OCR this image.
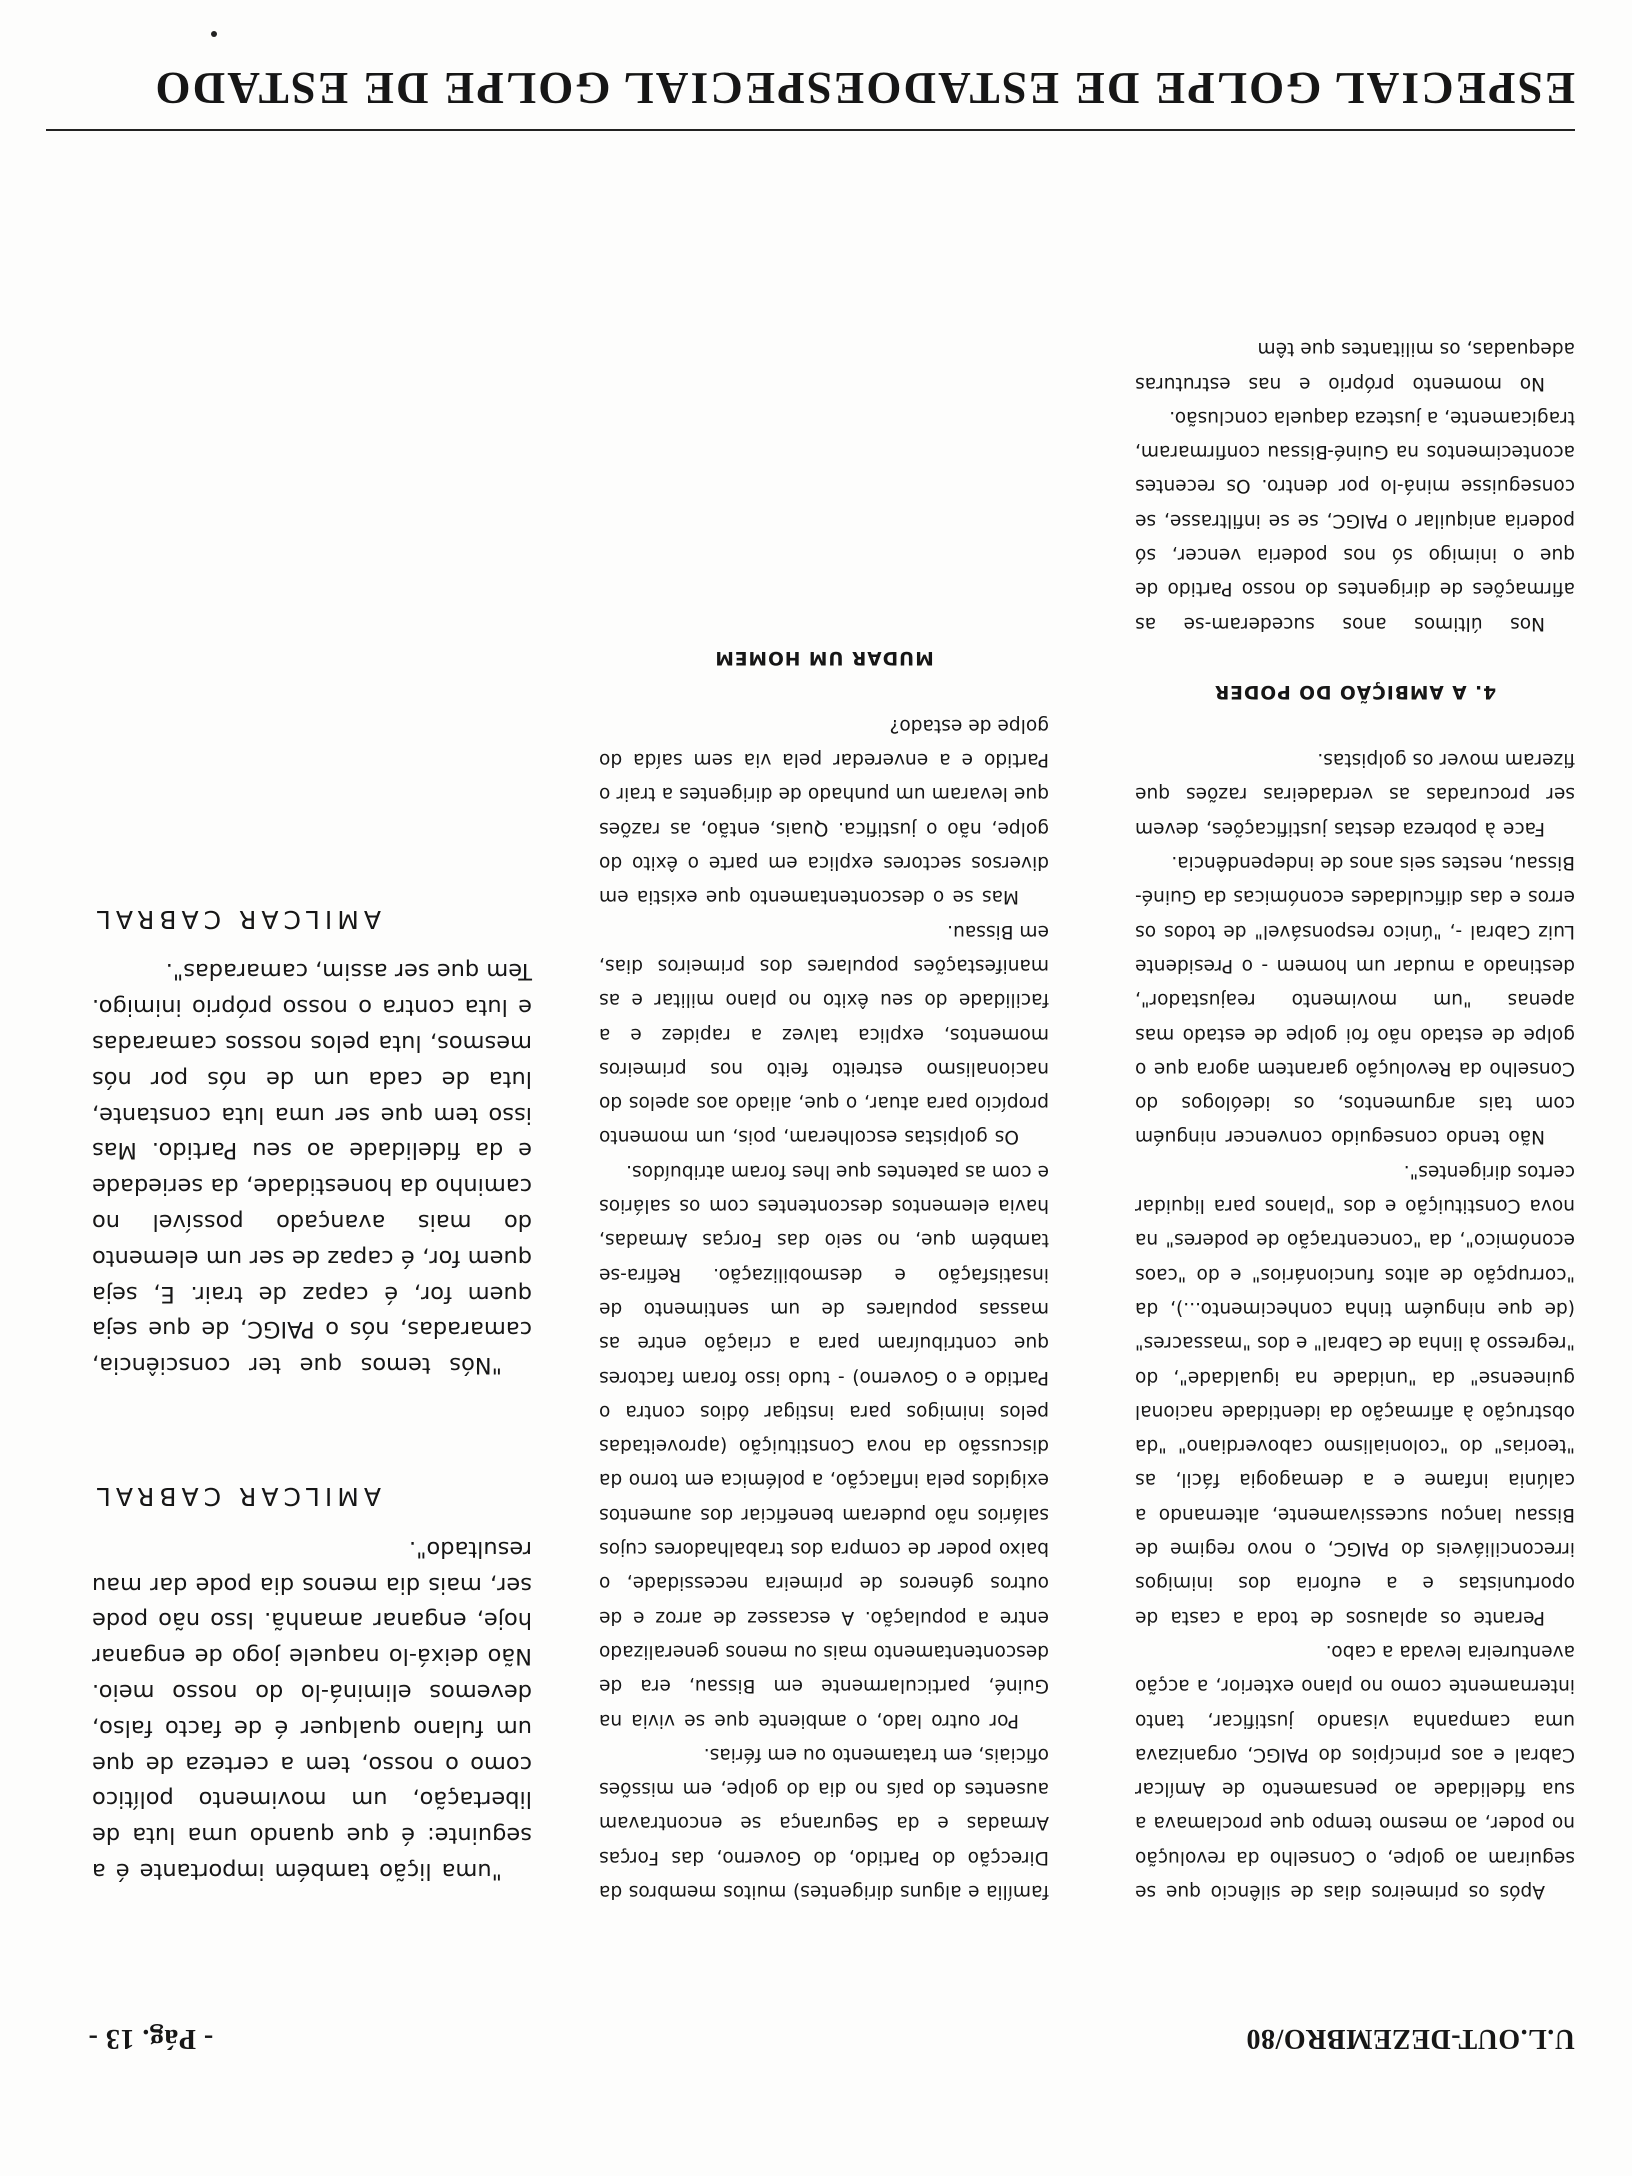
U.L.OUT-DEZEMBRO/80
- Pág. 13 -

Após os primeiros dias de silêncio que se seguiram ao golpe, o Conselho da revolução no poder, ao mesmo tempo que proclamava a sua fidelidade ao pensamento de Amílcar Cabral e aos princípios do PAIGC, organizava uma campanha visando justificar, tanto internamente como no plano exterior, a acção aventureira levada a cabo.

Perante os aplausos de toda a casta de oportunistas e a euforia dos inimigos irreconciliáveis do PAIGC, o novo regime de Bissau lançou sucessivamente, alternando a calúnia infame e a demagogia fácil, as "teorias" do "colonialismo caboverdiano" "da obstrução à afirmação da identidade nacional guineense" da "unidade na igualdade", do "regresso à linha de Cabral" e dos "massacres" (de que ninguém tinha conhecimento...), da "corrupção de altos funcionários" e do "caos económico", da "concentração de poderes" na nova Constituição e dos "planos para liquidar certos dirigentes".

Não tendo conseguido convencer ninguém com tais argumentos, os ideólogos do Conselho da Revolução garantem agora que o golpe de estado não foi golpe de estado mas apenas "um movimento reajustador", destinado a mudar um homem - o Presidente Luiz Cabral -, "único responsável" de todos os erros e das dificuldades económicas da Guiné-Bissau, nestes seis anos de independência.

Face à pobreza destas justificações, devem ser procuradas as verdadeiras razões que fizeram mover os golpistas.

4. A AMBIÇÃO DO PODER

Nos últimos anos sucederam-se as afirmações de dirigentes do nosso Partido de que o inimigo só nos poderia vencer, só poderia aniquilar o PAIGC, se se infiltrasse, se conseguisse miná-lo por dentro. Os recentes acontecimentos na Guiné-Bissau confirmaram, tragicamente, a justeza daquela conclusão.

No momento próprio e nas estruturas adequadas, os militantes que têm

família e alguns dirigentes) muitos membros da Direcção do Partido, do Governo, das Forças Armadas e da Segurança se encontravam ausentes do país no dia do golpe, em missões oficiais, em tratamento ou em férias.

Por outro lado, o ambiente que se vivia na Guiné, particularmente em Bissau, era de descontentamento mais ou menos generalizado entre a população. A escassez de arroz e de outros géneros de primeira necessidade, o baixo poder de compra dos trabalhadores cujos salários não puderam beneficiar dos aumentos exigidos pela inflacção, a polémica em torno da discussão da nova Constituição (aproveitadas pelos inimigos para instigar ódios contra o Partido e o Governo) - tudo isso foram factores que contribuíram para a criação entre as massas populares de um sentimento de insatisfação e desmobilização. Refira-se também que, no seio das Forças Armadas, havia elementos descontentes com os salários e com as patentes que lhes foram atribuídos.

Os golpistas escolheram, pois, um momento propício para atuar, o que, aliado aos apelos do nacionalismo estreito feito nos primeiros momentos, explica talvez a rapidez e a facilidade do seu êxito no plano militar e as manifestações populares dos primeiros dias, em Bissau.

Mas se o descontentamento que existia em diversos sectores explica em parte o êxito do golpe, não o justifica. Quais, então, as razões que levaram um punhado de dirigentes a trair o Partido e a enveredar pela via sem saída do golpe de estado?

MUDAR UM HOMEM

"uma lição também importante é a seguinte: é que quando uma luta de libertação, um movimento político como o nosso, tem a certeza de que um fulano qualquer é de facto falso, devemos eliminá-lo do nosso meio. Não deixá-lo naquele jogo de enganar hoje, enganar amanhã. Isso não pode ser, mais dia menos dia pode dar mau resultado".

AMILCAR CABRAL

"Nós temos que ter consciência, camaradas, nós o PAIGC, de que seja quem for, é capaz de trair. E, seja quem for, é capaz de ser um elemento do mais avançado possível no caminho da honestidade, da seriedade e da fidelidade ao seu Partido. Mas isso tem que ser uma luta constante, luta de cada um de nós por nós mesmos, luta pelos nossos camaradas e luta contra o nosso próprio inimigo. Tem que ser assim, camaradas".

AMILCAR CABRAL
ESPECIAL GOLPE DE ESTADOESPECIAL GOLPE DE ESTADO
